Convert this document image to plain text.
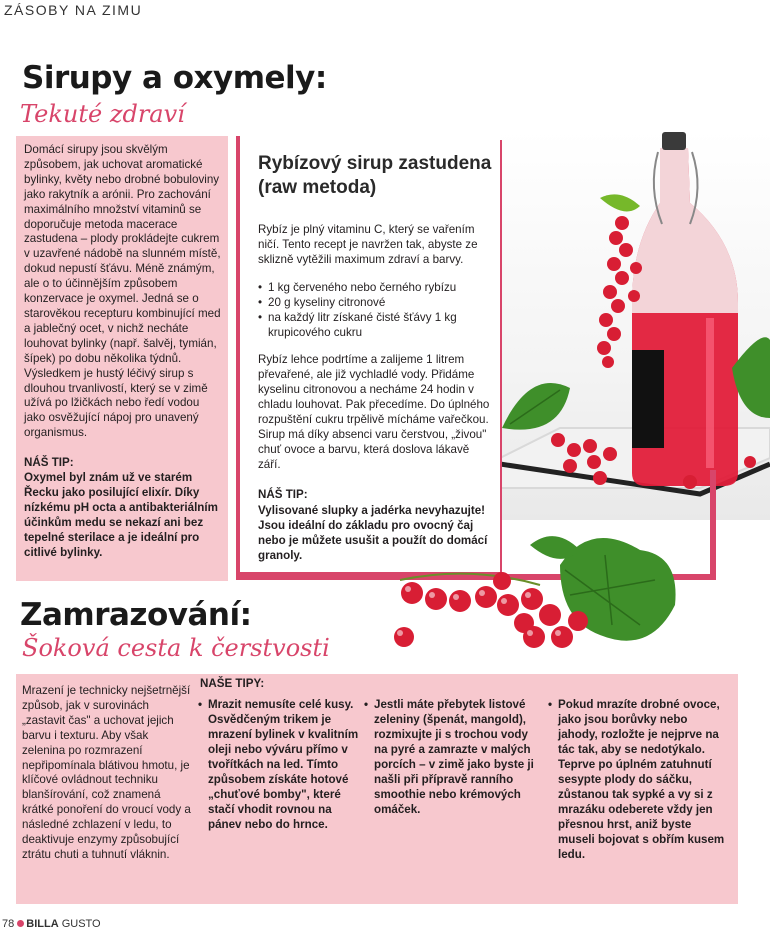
ZÁSOBY NA ZIMU
Sirupy a oxymely:
Tekuté zdraví

Domácí sirupy jsou skvělým způsobem, jak uchovat aromatické bylinky, květy nebo drobné bobuloviny jako rakytník a arónii. Pro zachování maximálního množství vitaminů se doporučuje metoda macerace zastudena – plody prokládejte cukrem v uzavřené nádobě na slunném místě, dokud nepustí šťávu. Méně známým, ale o to účinnějším způsobem konzervace je oxymel. Jedná se o starověkou recepturu kombinující med a jablečný ocet, v nichž necháte louhovat bylinky (např. šalvěj, tymián, šípek) po dobu několika týdnů. Výsledkem je hustý léčivý sirup s dlouhou trvanlivostí, který se v zimě užívá po lžičkách nebo ředí vodou jako osvěžující nápoj pro unavený organismus.

NÁŠ TIP:
Oxymel byl znám už ve starém Řecku jako posilující elixír. Díky nízkému pH octa a antibakteriálním účinkům medu se nekazí ani bez tepelné sterilace a je ideální pro citlivé bylinky.
Rybízový sirup zastudena (raw metoda)
Rybíz je plný vitaminu C, který se vařením ničí. Tento recept je navržen tak, abyste ze sklizně vytěžili maximum zdraví a barvy.
• 1 kg červeného nebo černého rybízu
• 20 g kyseliny citronové
• na každý litr získané čisté šťávy 1 kg krupicového cukru
Rybíz lehce podrtíme a zalijeme 1 litrem převařené, ale již vychladlé vody. Přidáme kyselinu citronovou a necháme 24 hodin v chladu louhovat. Pak přecedíme. Do úplného rozpuštění cukru trpělivě mícháme vařečkou. Sirup má díky absenci varu čerstvou, „živou" chuť ovoce a barvu, která doslova lákavě září.
NÁŠ TIP:
Vylisované slupky a jadérka nevyhazujte! Jsou ideální do základu pro ovocný čaj nebo je můžete usušit a použít do domácí granoly.
Zamrazování:
Šoková cesta k čerstvosti
Mrazení je technicky nejšetrnější způsob, jak v surovinách „zastavit čas" a uchovat jejich barvu i texturu. Aby však zelenina po rozmrazení nepřipomínala blátivou hmotu, je klíčové ovládnout techniku blanšírování, což znamená krátké ponoření do vroucí vody a následné zchlazení v ledu, to deaktivuje enzymy způsobující ztrátu chuti a tuhnutí vláknin.
NAŠE TIPY:
• Mrazit nemusíte celé kusy. Osvědčeným trikem je mrazení bylinek v kvalitním oleji nebo výváru přímo v tvořítkách na led. Tímto způsobem získáte hotové „chuťové bomby", které stačí vhodit rovnou na pánev nebo do hrnce.
• Jestli máte přebytek listové zeleniny (špenát, mangold), rozmixujte ji s trochou vody na pyré a zamrazte v malých porcích – v zimě jako byste ji našli při přípravě ranního smoothie nebo krémových omáček.
• Pokud mrazíte drobné ovoce, jako jsou borůvky nebo jahody, rozložte je nejprve na tác tak, aby se nedotýkalo. Teprve po úplném zatuhnutí sesypte plody do sáčku, zůstanou tak sypké a vy si z mrazáku odeberete vždy jen přesnou hrst, aniž byste museli bojovat s obřím kusem ledu.
78 BILLA GUSTO
